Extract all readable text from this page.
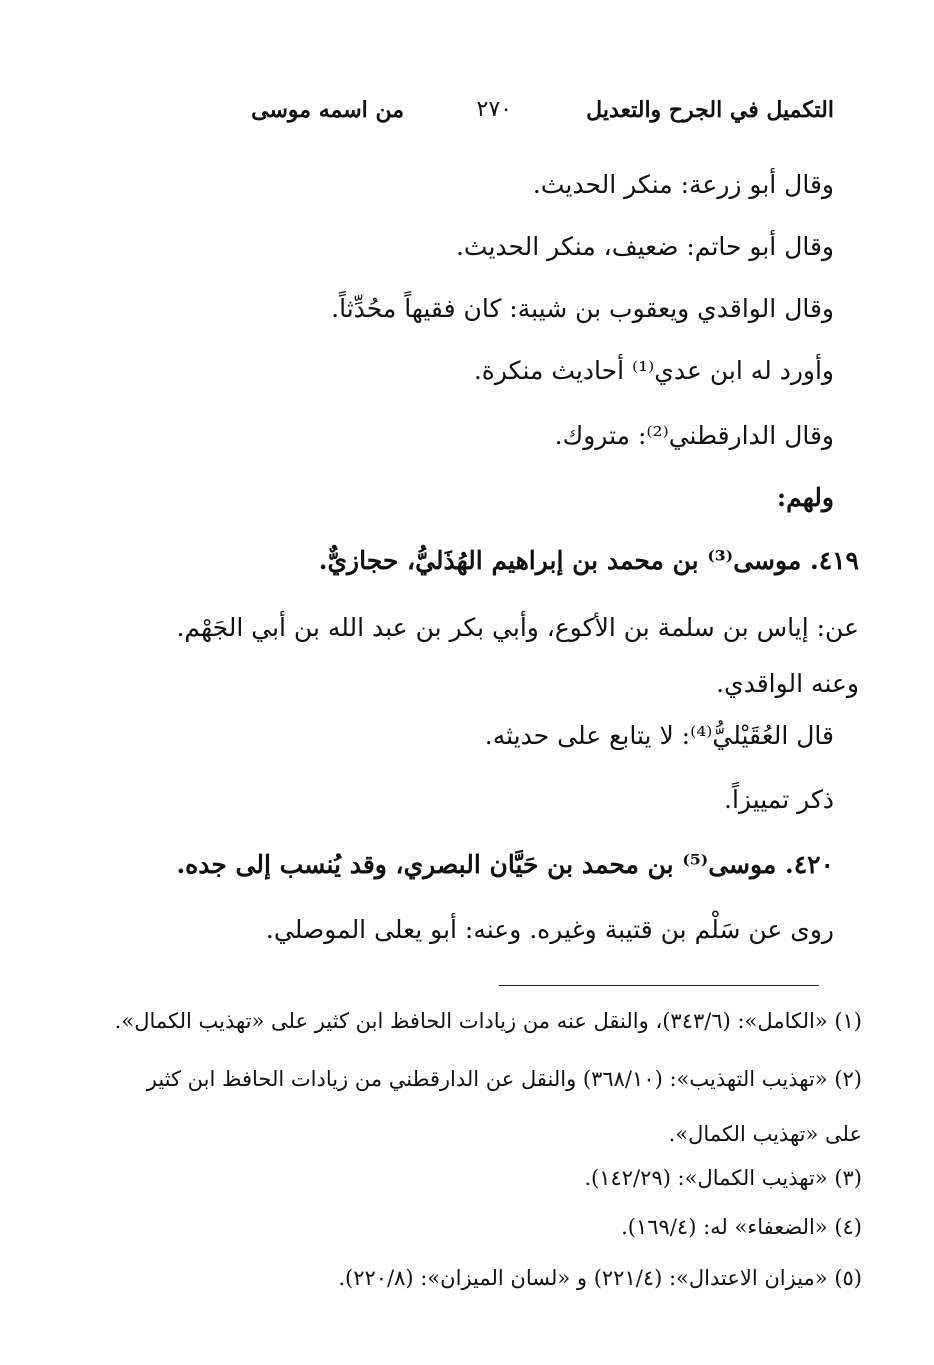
التكميل في الجرح والتعديل
٢٧٠
من اسمه موسى
وقال أبو زرعة: منكر الحديث.
وقال أبو حاتم: ضعيف، منكر الحديث.
وقال الواقدي ويعقوب بن شيبة: كان فقيهاً محُدِّثاً.
وأورد له ابن عدي⁽¹⁾ أحاديث منكرة.
وقال الدارقطني⁽²⁾: متروك.
ولهم:
٤١٩. موسى⁽³⁾ بن محمد بن إبراهيم الهُذَليُّ، حجازيٌّ.
عن: إياس بن سلمة بن الأكوع، وأبي بكر بن عبد الله بن أبي الجَهْم. وعنه الواقدي.
قال العُقَيْليُّ⁽⁴⁾: لا يتابع على حديثه.
ذكر تمييزاً.
٤٢٠. موسى⁽⁵⁾ بن محمد بن حَيَّان البصري، وقد يُنسب إلى جده.
روى عن سَلْم بن قتيبة وغيره. وعنه: أبو يعلى الموصلي.
(١) «الكامل»: (٣٤٣/٦)، والنقل عنه من زيادات الحافظ ابن كثير على «تهذيب الكمال».
(٢) «تهذيب التهذيب»: (٣٦٨/١٠) والنقل عن الدارقطني من زيادات الحافظ ابن كثير على «تهذيب الكمال».
(٣) «تهذيب الكمال»: (١٤٢/٢٩).
(٤) «الضعفاء» له: (١٦٩/٤).
(٥) «ميزان الاعتدال»: (٢٢١/٤) و «لسان الميزان»: (٢٢٠/٨).
